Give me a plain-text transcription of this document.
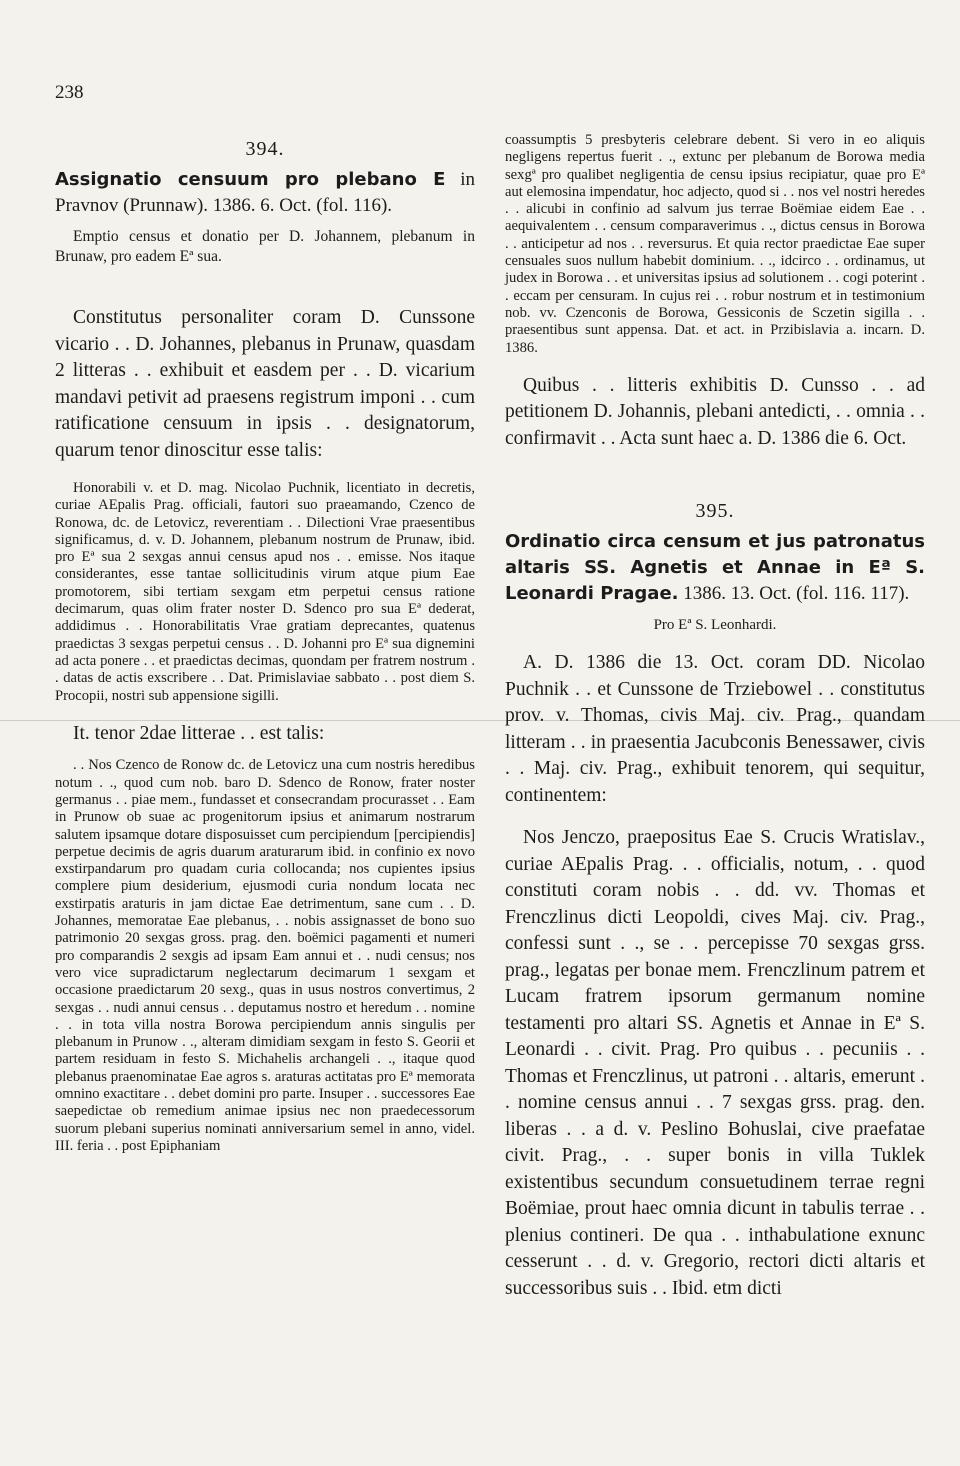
238
394.

Assignatio censuum pro plebano E in Pravnov (Prunnaw). 1386. 6. Oct. (fol. 116).

Emptio census et donatio per D. Johannem, plebanum in Brunaw, pro eadem Eª sua.

Constitutus personaliter coram D. Cunssone vicario . . D. Johannes, plebanus in Prunaw, quasdam 2 litteras . . exhibuit et easdem per . . D. vicarium mandavi petivit ad praesens registrum imponi . . cum ratificatione censuum in ipsis . . designatorum, quarum tenor dinoscitur esse talis:

Honorabili v. et D. mag. Nicolao Puchnik, licentiato in decretis, curiae AEpalis Prag. officiali, fautori suo praeamando, Czenco de Ronowa, dc. de Letovicz, reverentiam . . Dilectioni Vrae praesentibus significamus, d. v. D. Johannem, plebanum nostrum de Prunaw, ibid. pro Eª sua 2 sexgas annui census apud nos . . emisse. Nos itaque considerantes, esse tantae sollicitudinis virum atque pium Eae promotorem, sibi tertiam sexgam etm perpetui census ratione decimarum, quas olim frater noster D. Sdenco pro sua Eª dederat, addidimus . . Honorabilitatis Vrae gratiam deprecantes, quatenus praedictas 3 sexgas perpetui census . . D. Johanni pro Eª sua dignemini ad acta ponere . . et praedictas decimas, quondam per fratrem nostrum . . datas de actis exscribere . . Dat. Primislaviae sabbato . . post diem S. Procopii, nostri sub appensione sigilli.

It. tenor 2dae litterae . . est talis:

. . Nos Czenco de Ronow dc. de Letovicz una cum nostris heredibus notum . ., quod cum nob. baro D. Sdenco de Ronow, frater noster germanus . . piae mem., fundasset et consecrandam procurasset . . Eam in Prunow ob suae ac progenitorum ipsius et animarum nostrarum salutem ipsamque dotare disposuisset cum percipiendum [percipiendis] perpetue decimis de agris duarum araturarum ibid. in confinio ex novo exstirpandarum pro quadam curia collocanda; nos cupientes ipsius complere pium desiderium, ejusmodi curia nondum locata nec exstirpatis araturis in jam dictae Eae detrimentum, sane cum . . D. Johannes, memoratae Eae plebanus, . . nobis assignasset de bono suo patrimonio 20 sexgas gross. prag. den. boëmici pagamenti et numeri pro comparandis 2 sexgis ad ipsam Eam annui et . . nudi census; nos vero vice supradictarum neglectarum decimarum 1 sexgam et occasione praedictarum 20 sexg., quas in usus nostros convertimus, 2 sexgas . . nudi annui census . . deputamus nostro et heredum . . nomine . . in tota villa nostra Borowa percipiendum annis singulis per plebanum in Prunow . ., alteram dimidiam sexgam in festo S. Georii et partem residuam in festo S. Michahelis archangeli . ., itaque quod plebanus praenominatae Eae agros s. araturas actitatas pro Eª memorata omnino exactitare . . debet domini pro parte. Insuper . . successores Eae saepedictae ob remedium animae ipsius nec non praedecessorum suorum plebani superius nominati anniversarium semel in anno, videl. III. feria . . post Epiphaniam

coassumptis 5 presbyteris celebrare debent. Si vero in eo aliquis negligens repertus fuerit . ., extunc per plebanum de Borowa media sexgª pro qualibet negligentia de censu ipsius recipiatur, quae pro Eª aut elemosina impendatur, hoc adjecto, quod si . . nos vel nostri heredes . . alicubi in confinio ad salvum jus terrae Boëmiae eidem Eae . . aequivalentem . . censum comparaverimus . ., dictus census in Borowa . . anticipetur ad nos . . reversurus. Et quia rector praedictae Eae super censuales suos nullum habebit dominium. . ., idcirco . . ordinamus, ut judex in Borowa . . et universitas ipsius ad solutionem . . cogi poterint . . eccam per censuram. In cujus rei . . robur nostrum et in testimonium nob. vv. Czenconis de Borowa, Gessiconis de Sczetin sigilla . . praesentibus sunt appensa. Dat. et act. in Przibislavia a. incarn. D. 1386.

Quibus . . litteris exhibitis D. Cunsso . . ad petitionem D. Johannis, plebani antedicti, . . omnia . . confirmavit . . Acta sunt haec a. D. 1386 die 6. Oct.

395.

Ordinatio circa censum et jus patronatus altaris SS. Agnetis et Annae in Eª S. Leonardi Pragae. 1386. 13. Oct. (fol. 116. 117).

Pro Eª S. Leonhardi.

A. D. 1386 die 13. Oct. coram DD. Nicolao Puchnik . . et Cunssone de Trziebowel . . constitutus prov. v. Thomas, civis Maj. civ. Prag., quandam litteram . . in praesentia Jacubconis Benessawer, civis . . Maj. civ. Prag., exhibuit tenorem, qui sequitur, continentem:

Nos Jenczo, praepositus Eae S. Crucis Wratislav., curiae AEpalis Prag. . . officialis, notum, . . quod constituti coram nobis . . dd. vv. Thomas et Frenczlinus dicti Leopoldi, cives Maj. civ. Prag., confessi sunt . ., se . . percepisse 70 sexgas grss. prag., legatas per bonae mem. Frenczlinum patrem et Lucam fratrem ipsorum germanum nomine testamenti pro altari SS. Agnetis et Annae in Eª S. Leonardi . . civit. Prag. Pro quibus . . pecuniis . . Thomas et Frenczlinus, ut patroni . . altaris, emerunt . . nomine census annui . . 7 sexgas grss. prag. den. liberas . . a d. v. Peslino Bohuslai, cive praefatae civit. Prag., . . super bonis in villa Tuklek existentibus secundum consuetudinem terrae regni Boëmiae, prout haec omnia dicunt in tabulis terrae . . plenius contineri. De qua . . inthabulatione exnunc cesserunt . . d. v. Gregorio, rectori dicti altaris et successoribus suis . . Ibid. etm dicti
